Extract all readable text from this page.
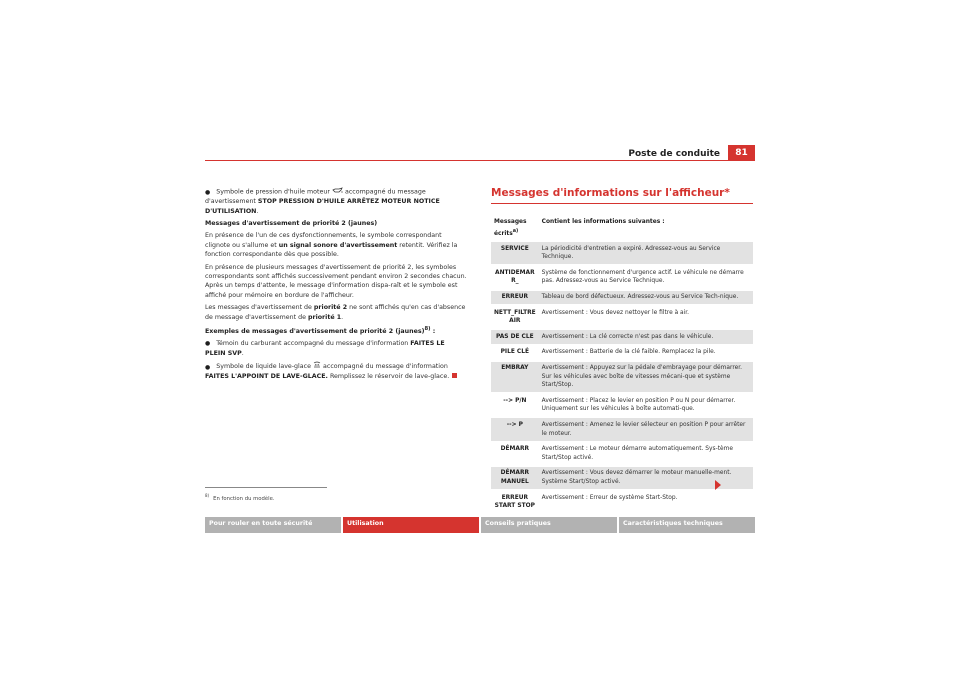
Poste de conduite	81

● Symbole de pression d'huile moteur  accompagné du message d'avertissement STOP PRESSION D'HUILE ARRÊTEZ MOTEUR NOTICE D'UTILISATION.

Messages d'avertissement de priorité 2 (jaunes)

En présence de l'un de ces dysfonctionnements, le symbole correspondant clignote ou s'allume et un signal sonore d'avertissement retentit. Vérifiez la fonction correspondante dès que possible.

En présence de plusieurs messages d'avertissement de priorité 2, les symboles correspondants sont affichés successivement pendant environ 2 secondes chacun. Après un temps d'attente, le message d'information dispa-raît et le symbole est affiché pour mémoire en bordure de l'afficheur.

Les messages d'avertissement de priorité 2 ne sont affichés qu'en cas d'absence de message d'avertissement de priorité 1.

Exemples de messages d'avertissement de priorité 2 (jaunes)$^{8)}$ :

● Témoin du carburant accompagné du message d'information FAITES LE PLEIN SVP.

● Symbole de liquide lave-glace  accompagné du message d'information FAITES L'APPOINT DE LAVE-GLACE. Remplissez le réservoir de lave-glace.

$^{8)}$En fonction du modèle.
Messages d'informations sur l'afficheur*
Messages écrits$^{a)}$	Contient les informations suivantes :
SERVICE	La périodicité d'entretien a expiré. Adressez-vous au Service Technique.
ANTIDEMAR R_	Système de fonctionnement d'urgence actif. Le véhicule ne démarre pas. Adressez-vous au Service Technique.
ERREUR	Tableau de bord défectueux. Adressez-vous au Service Tech-nique.
NETT_FILTRE AIR	Avertissement : Vous devez nettoyer le filtre à air.
PAS DE CLE	Avertissement : La clé correcte n'est pas dans le véhicule.
PILE CLÉ	Avertissement : Batterie de la clé faible. Remplacez la pile.
EMBRAY	Avertissement : Appuyez sur la pédale d'embrayage pour démarrer. Sur les véhicules avec boîte de vitesses mécani-que et système Start/Stop.
--> P/N	Avertissement : Placez le levier en position P ou N pour démarrer. Uniquement sur les véhicules à boîte automati-que.
--> P	Avertissement : Amenez le levier sélecteur en position P pour arrêter le moteur.
DÉMARR	Avertissement : Le moteur démarre automatiquement. Sys-tème Start/Stop activé.
DÉMARR MANUEL	Avertissement : Vous devez démarrer le moteur manuelle-ment. Système Start/Stop activé.
ERREUR START STOP	Avertissement : Erreur de système Start-Stop.
Pour rouler en toute sécurité	Utilisation	Conseils pratiques	Caractéristiques techniques
